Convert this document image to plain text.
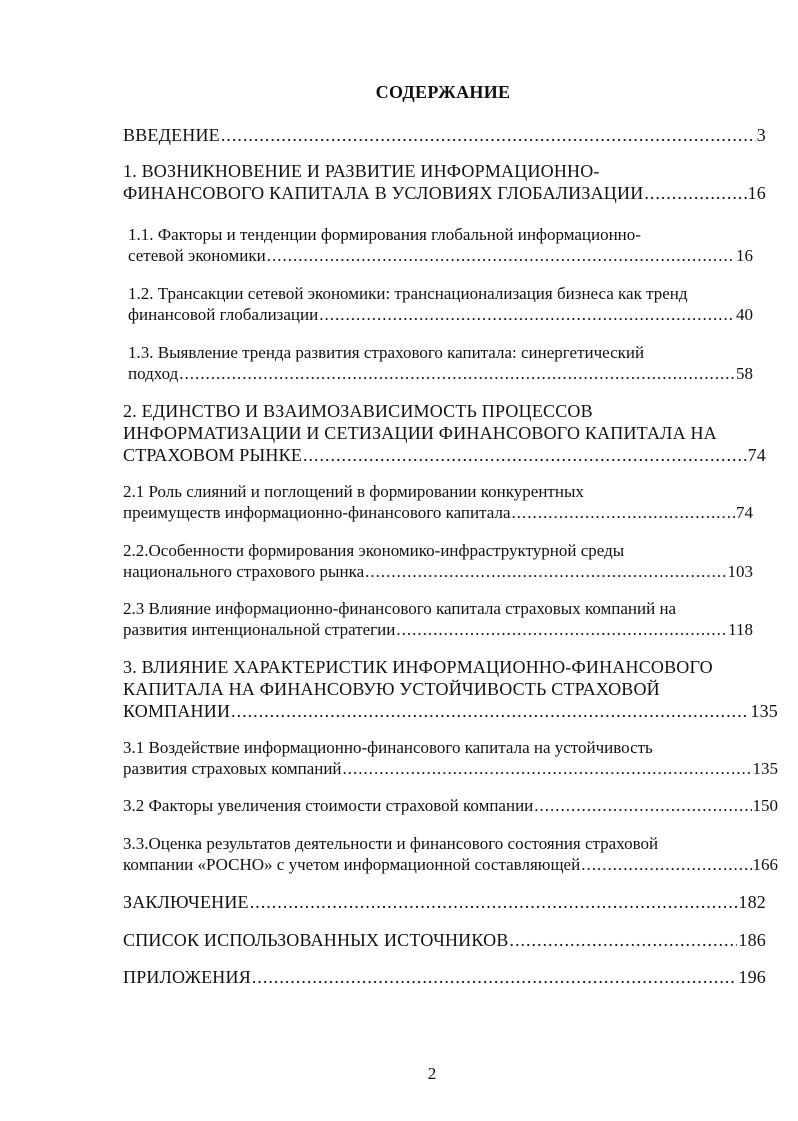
СОДЕРЖАНИЕ
ВВЕДЕНИЕ .....	3
1. ВОЗНИКНОВЕНИЕ И РАЗВИТИЕ ИНФОРМАЦИОННО-
ФИНАНСОВОГО КАПИТАЛА В УСЛОВИЯХ ГЛОБАЛИЗАЦИИ .....	16
1.1. Факторы и тенденции формирования глобальной информационно-
сетевой экономики .....	16
1.2. Трансакции сетевой экономики: транснационализация бизнеса как тренд
финансовой глобализации .....	40
1.3. Выявление тренда развития страхового капитала: синергетический
подход .....	58
2. ЕДИНСТВО И ВЗАИМОЗАВИСИМОСТЬ ПРОЦЕССОВ
ИНФОРМАТИЗАЦИИ И СЕТИЗАЦИИ ФИНАНСОВОГО КАПИТАЛА НА
СТРАХОВОМ РЫНКЕ .....	74
2.1 Роль слияний и поглощений в формировании конкурентных
преимуществ информационно-финансового капитала .....	74
2.2.Особенности формирования экономико-инфраструктурной среды
национального страхового рынка .....	103
2.3 Влияние информационно-финансового капитала страховых компаний на
развития интенциональной стратегии .....	118
3. ВЛИЯНИЕ ХАРАКТЕРИСТИК ИНФОРМАЦИОННО-ФИНАНСОВОГО
КАПИТАЛА НА ФИНАНСОВУЮ УСТОЙЧИВОСТЬ СТРАХОВОЙ
КОМПАНИИ .....	135
3.1 Воздействие информационно-финансового капитала на устойчивость
развития страховых компаний .....	135
3.2 Факторы увеличения стоимости страховой компании .....	150
3.3.Оценка результатов деятельности и финансового состояния страховой
компании «РОСНО» с учетом информационной составляющей .....	166
ЗАКЛЮЧЕНИЕ .....	182
СПИСОК ИСПОЛЬЗОВАННЫХ ИСТОЧНИКОВ .....	186
ПРИЛОЖЕНИЯ .....	196
2
